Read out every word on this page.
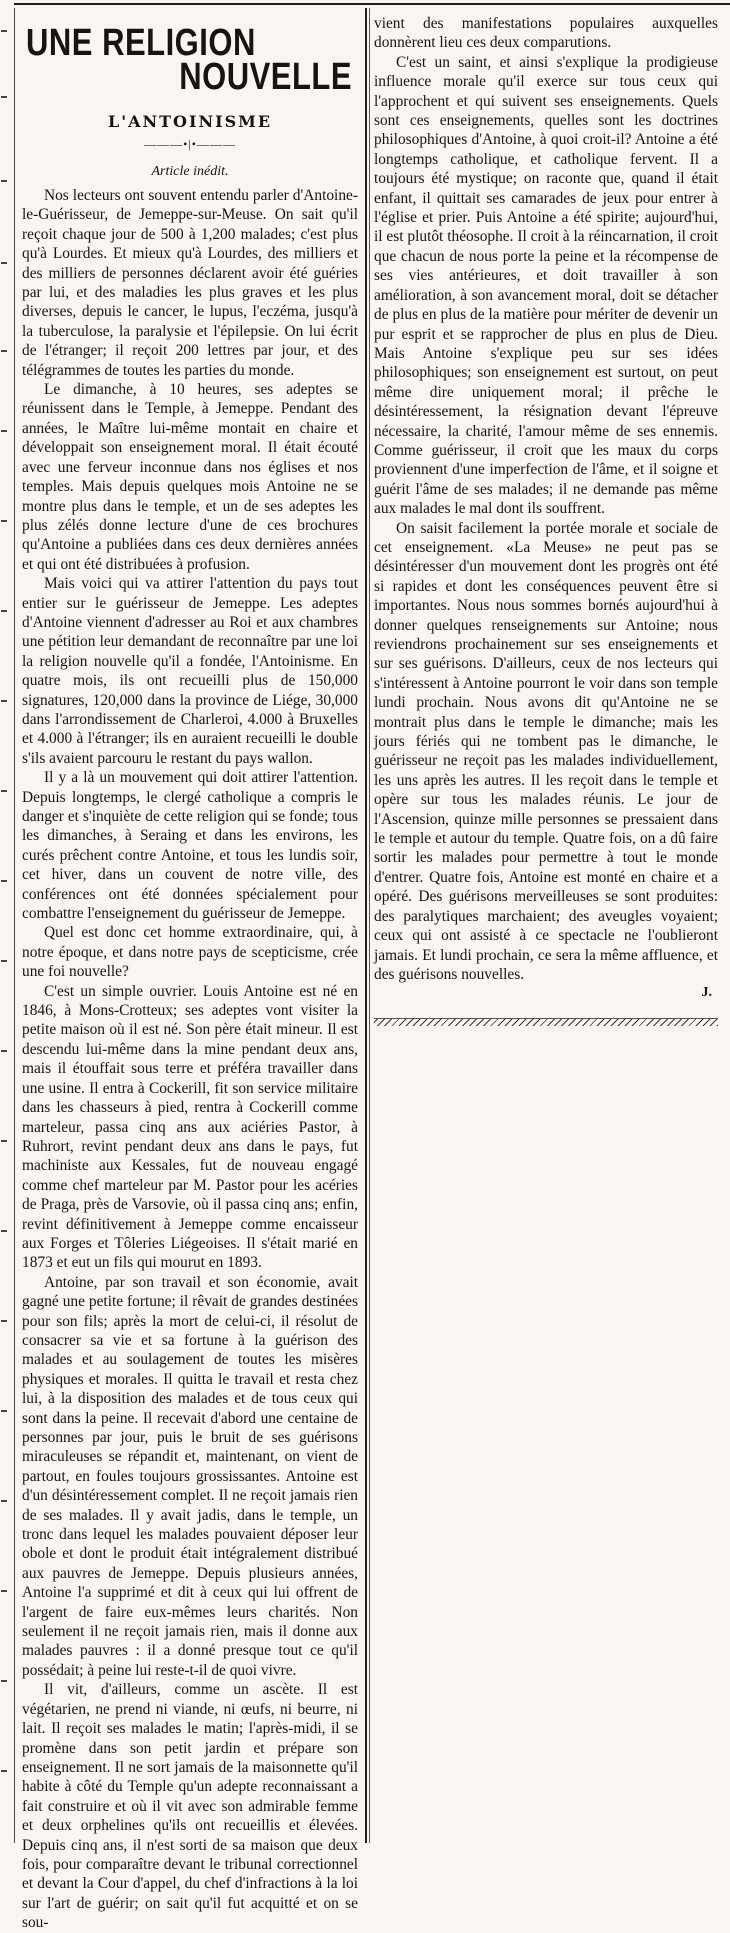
UNE RELIGION
NOUVELLE
L'ANTOINISME
———•|•———
Article inédit.

Nos lecteurs ont souvent entendu parler d'Antoine-le-Guérisseur, de Jemeppe-sur-Meuse. On sait qu'il reçoit chaque jour de 500 à 1,200 malades; c'est plus qu'à Lourdes. Et mieux qu'à Lourdes, des milliers et des milliers de personnes déclarent avoir été guéries par lui, et des maladies les plus graves et les plus diverses, depuis le cancer, le lupus, l'eczéma, jusqu'à la tuberculose, la paralysie et l'épilepsie. On lui écrit de l'étranger; il reçoit 200 lettres par jour, et des télégrammes de toutes les parties du monde.

Le dimanche, à 10 heures, ses adeptes se réunissent dans le Temple, à Jemeppe. Pendant des années, le Maître lui-même montait en chaire et développait son enseignement moral. Il était écouté avec une ferveur inconnue dans nos églises et nos temples. Mais depuis quelques mois Antoine ne se montre plus dans le temple, et un de ses adeptes les plus zélés donne lecture d'une de ces brochures qu'Antoine a publiées dans ces deux dernières années et qui ont été distribuées à profusion.

Mais voici qui va attirer l'attention du pays tout entier sur le guérisseur de Jemeppe. Les adeptes d'Antoine viennent d'adresser au Roi et aux chambres une pétition leur demandant de reconnaître par une loi la religion nouvelle qu'il a fondée, l'Antoinisme. En quatre mois, ils ont recueilli plus de 150,000 signatures, 120,000 dans la province de Liége, 30,000 dans l'arrondissement de Charleroi, 4.000 à Bruxelles et 4.000 à l'étranger; ils en auraient recueilli le double s'ils avaient parcouru le restant du pays wallon.

Il y a là un mouvement qui doit attirer l'attention. Depuis longtemps, le clergé catholique a compris le danger et s'inquiète de cette religion qui se fonde; tous les dimanches, à Seraing et dans les environs, les curés prêchent contre Antoine, et tous les lundis soir, cet hiver, dans un couvent de notre ville, des conférences ont été données spécialement pour combattre l'enseignement du guérisseur de Jemeppe.

Quel est donc cet homme extraordinaire, qui, à notre époque, et dans notre pays de scepticisme, crée une foi nouvelle?

C'est un simple ouvrier. Louis Antoine est né en 1846, à Mons-Crotteux; ses adeptes vont visiter la petite maison où il est né. Son père était mineur. Il est descendu lui-même dans la mine pendant deux ans, mais il étouffait sous terre et préféra travailler dans une usine. Il entra à Cockerill, fit son service militaire dans les chasseurs à pied, rentra à Cockerill comme marteleur, passa cinq ans aux aciéries Pastor, à Ruhrort, revint pendant deux ans dans le pays, fut machiniste aux Kessales, fut de nouveau engagé comme chef marteleur par M. Pastor pour les acéries de Praga, près de Varsovie, où il passa cinq ans; enfin, revint définitivement à Jemeppe comme encaisseur aux Forges et Tôleries Liégeoises. Il s'était marié en 1873 et eut un fils qui mourut en 1893.

Antoine, par son travail et son économie, avait gagné une petite fortune; il rêvait de grandes destinées pour son fils; après la mort de celui-ci, il résolut de consacrer sa vie et sa fortune à la guérison des malades et au soulagement de toutes les misères physiques et morales. Il quitta le travail et resta chez lui, à la disposition des malades et de tous ceux qui sont dans la peine. Il recevait d'abord une centaine de personnes par jour, puis le bruit de ses guérisons miraculeuses se répandit et, maintenant, on vient de partout, en foules toujours grossissantes. Antoine est d'un désintéressement complet. Il ne reçoit jamais rien de ses malades. Il y avait jadis, dans le temple, un tronc dans lequel les malades pouvaient déposer leur obole et dont le produit était intégralement distribué aux pauvres de Jemeppe. Depuis plusieurs années, Antoine l'a supprimé et dit à ceux qui lui offrent de l'argent de faire eux-mêmes leurs charités. Non seulement il ne reçoit jamais rien, mais il donne aux malades pauvres : il a donné presque tout ce qu'il possédait; à peine lui reste-t-il de quoi vivre.

Il vit, d'ailleurs, comme un ascète. Il est végétarien, ne prend ni viande, ni œufs, ni beurre, ni lait. Il reçoit ses malades le matin; l'après-midi, il se promène dans son petit jardin et prépare son enseignement. Il ne sort jamais de la maisonnette qu'il habite à côté du Temple qu'un adepte reconnaissant a fait construire et où il vit avec son admirable femme et deux orphelines qu'ils ont recueillis et élevées. Depuis cinq ans, il n'est sorti de sa maison que deux fois, pour comparaître devant le tribunal correctionnel et devant la Cour d'appel, du chef d'infractions à la loi sur l'art de guérir; on sait qu'il fut acquitté et on se sou-

vient des manifestations populaires auxquelles donnèrent lieu ces deux comparutions.

C'est un saint, et ainsi s'explique la prodigieuse influence morale qu'il exerce sur tous ceux qui l'approchent et qui suivent ses enseignements. Quels sont ces enseignements, quelles sont les doctrines philosophiques d'Antoine, à quoi croit-il? Antoine a été longtemps catholique, et catholique fervent. Il a toujours été mystique; on raconte que, quand il était enfant, il quittait ses camarades de jeux pour entrer à l'église et prier. Puis Antoine a été spirite; aujourd'hui, il est plutôt théosophe. Il croit à la réincarnation, il croit que chacun de nous porte la peine et la récompense de ses vies antérieures, et doit travailler à son amélioration, à son avancement moral, doit se détacher de plus en plus de la matière pour mériter de devenir un pur esprit et se rapprocher de plus en plus de Dieu. Mais Antoine s'explique peu sur ses idées philosophiques; son enseignement est surtout, on peut même dire uniquement moral; il prêche le désintéressement, la résignation devant l'épreuve nécessaire, la charité, l'amour même de ses ennemis. Comme guérisseur, il croit que les maux du corps proviennent d'une imperfection de l'âme, et il soigne et guérit l'âme de ses malades; il ne demande pas même aux malades le mal dont ils souffrent.

On saisit facilement la portée morale et sociale de cet enseignement. «La Meuse» ne peut pas se désintéresser d'un mouvement dont les progrès ont été si rapides et dont les conséquences peuvent être si importantes. Nous nous sommes bornés aujourd'hui à donner quelques renseignements sur Antoine; nous reviendrons prochainement sur ses enseignements et sur ses guérisons. D'ailleurs, ceux de nos lecteurs qui s'intéressent à Antoine pourront le voir dans son temple lundi prochain. Nous avons dit qu'Antoine ne se montrait plus dans le temple le dimanche; mais les jours fériés qui ne tombent pas le dimanche, le guérisseur ne reçoit pas les malades individuellement, les uns après les autres. Il les reçoit dans le temple et opère sur tous les malades réunis. Le jour de l'Ascension, quinze mille personnes se pressaient dans le temple et autour du temple. Quatre fois, on a dû faire sortir les malades pour permettre à tout le monde d'entrer. Quatre fois, Antoine est monté en chaire et a opéré. Des guérisons merveilleuses se sont produites: des paralytiques marchaient; des aveugles voyaient; ceux qui ont assisté à ce spectacle ne l'oublieront jamais. Et lundi prochain, ce sera la même affluence, et des guérisons nouvelles.

J.
